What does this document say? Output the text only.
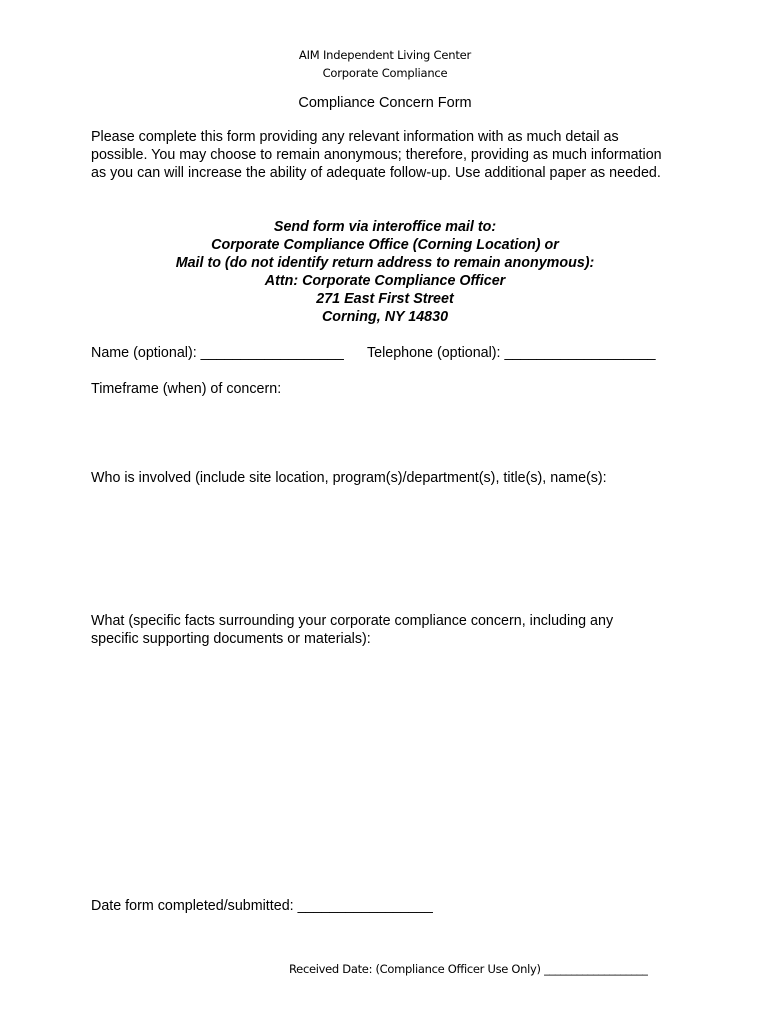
AIM Independent Living Center
Corporate Compliance
Compliance Concern Form

Please complete this form providing any relevant information with as much detail as possible. You may choose to remain anonymous; therefore, providing as much information as you can will increase the ability of adequate follow-up. Use additional paper as needed.

Send form via interoffice mail to:
Corporate Compliance Office (Corning Location) or
Mail to (do not identify return address to remain anonymous):
Attn: Corporate Compliance Officer
271 East First Street
Corning, NY 14830
Name (optional): __________________ Telephone (optional): ___________________
Timeframe (when) of concern:
Who is involved (include site location, program(s)/department(s), title(s), name(s):
What (specific facts surrounding your corporate compliance concern, including any
specific supporting documents or materials):
Date form completed/submitted: _________________
Received Date: (Compliance Officer Use Only) ___________________
